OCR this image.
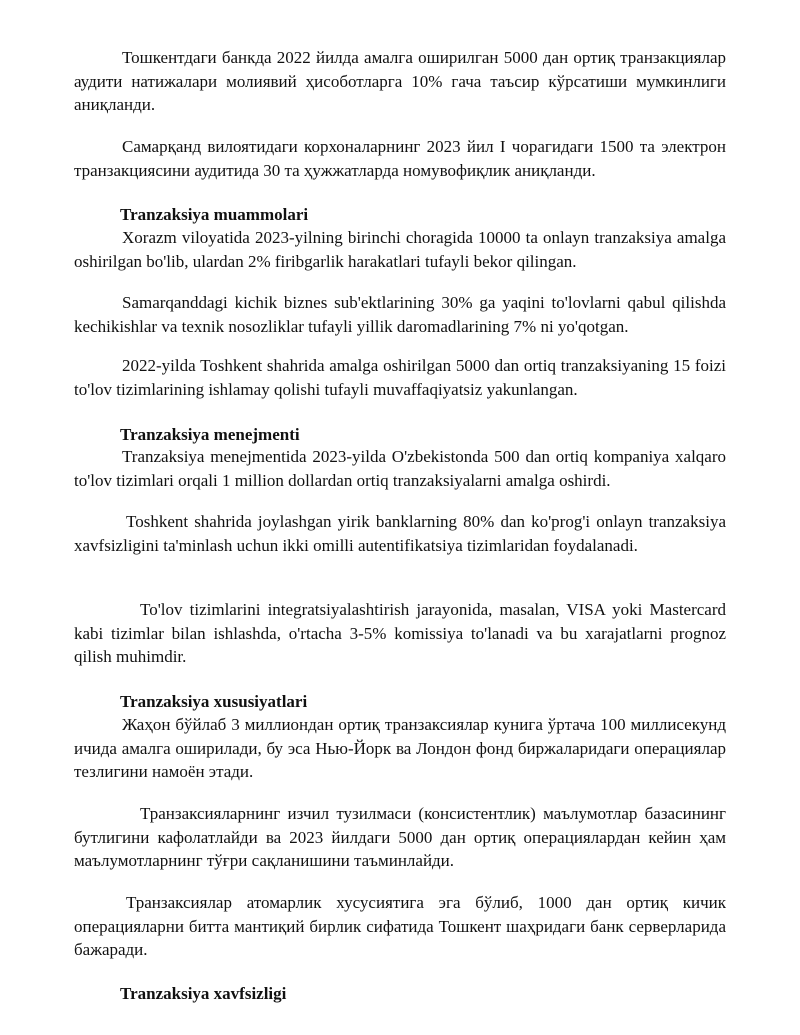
Тошкентдаги банкда 2022 йилда амалга оширилган 5000 дан ортиқ транзакциялар аудити натижалари молиявий ҳисоботларга 10% гача таъсир кўрсатиши мумкинлиги аниқланди.

Самарқанд вилоятидаги корхоналарнинг 2023 йил I чорагидаги 1500 та электрон транзакциясини аудитида 30 та ҳужжатларда номувофиқлик аниқланди.

Tranzaksiya muammolari

Xorazm viloyatida 2023-yilning birinchi choragida 10000 ta onlayn tranzaksiya amalga oshirilgan bo'lib, ulardan 2% firibgarlik harakatlari tufayli bekor qilingan.

Samarqanddagi kichik biznes sub'ektlarining 30% ga yaqini to'lovlarni qabul qilishda kechikishlar va texnik nosozliklar tufayli yillik daromadlarining 7% ni yo'qotgan.

2022-yilda Toshkent shahrida amalga oshirilgan 5000 dan ortiq tranzaksiyaning 15 foizi to'lov tizimlarining ishlamay qolishi tufayli muvaffaqiyatsiz yakunlangan.

Tranzaksiya menejmenti

Tranzaksiya menejmentida 2023-yilda O'zbekistonda 500 dan ortiq kompaniya xalqaro to'lov tizimlari orqali 1 million dollardan ortiq tranzaksiyalarni amalga oshirdi.

Toshkent shahrida joylashgan yirik banklarning 80% dan ko'prog'i onlayn tranzaksiya xavfsizligini ta'minlash uchun ikki omilli autentifikatsiya tizimlaridan foydalanadi.

To'lov tizimlarini integratsiyalashtirish jarayonida, masalan, VISA yoki Mastercard kabi tizimlar bilan ishlashda, o'rtacha 3-5% komissiya to'lanadi va bu xarajatlarni prognoz qilish muhimdir.

Tranzaksiya xususiyatlari

Жаҳон бўйлаб 3 миллиондан ортиқ транзаксиялар кунига ўртача 100 миллисекунд ичида амалга оширилади, бу эса Нью-Йорк ва Лондон фонд биржаларидаги операциялар тезлигини намоён этади.

Транзаксияларнинг изчил тузилмаси (консистентлик) маълумотлар базасининг бутлигини кафолатлайди ва 2023 йилдаги 5000 дан ортиқ операциялардан кейин ҳам маълумотларнинг тўғри сақланишини таъминлайди.

Транзаксиялар атомарлик хусусиятига эга бўлиб, 1000 дан ортиқ кичик операцияларни битта мантиқий бирлик сифатида Тошкент шаҳридаги банк серверларида бажаради.

Tranzaksiya xavfsizligi
